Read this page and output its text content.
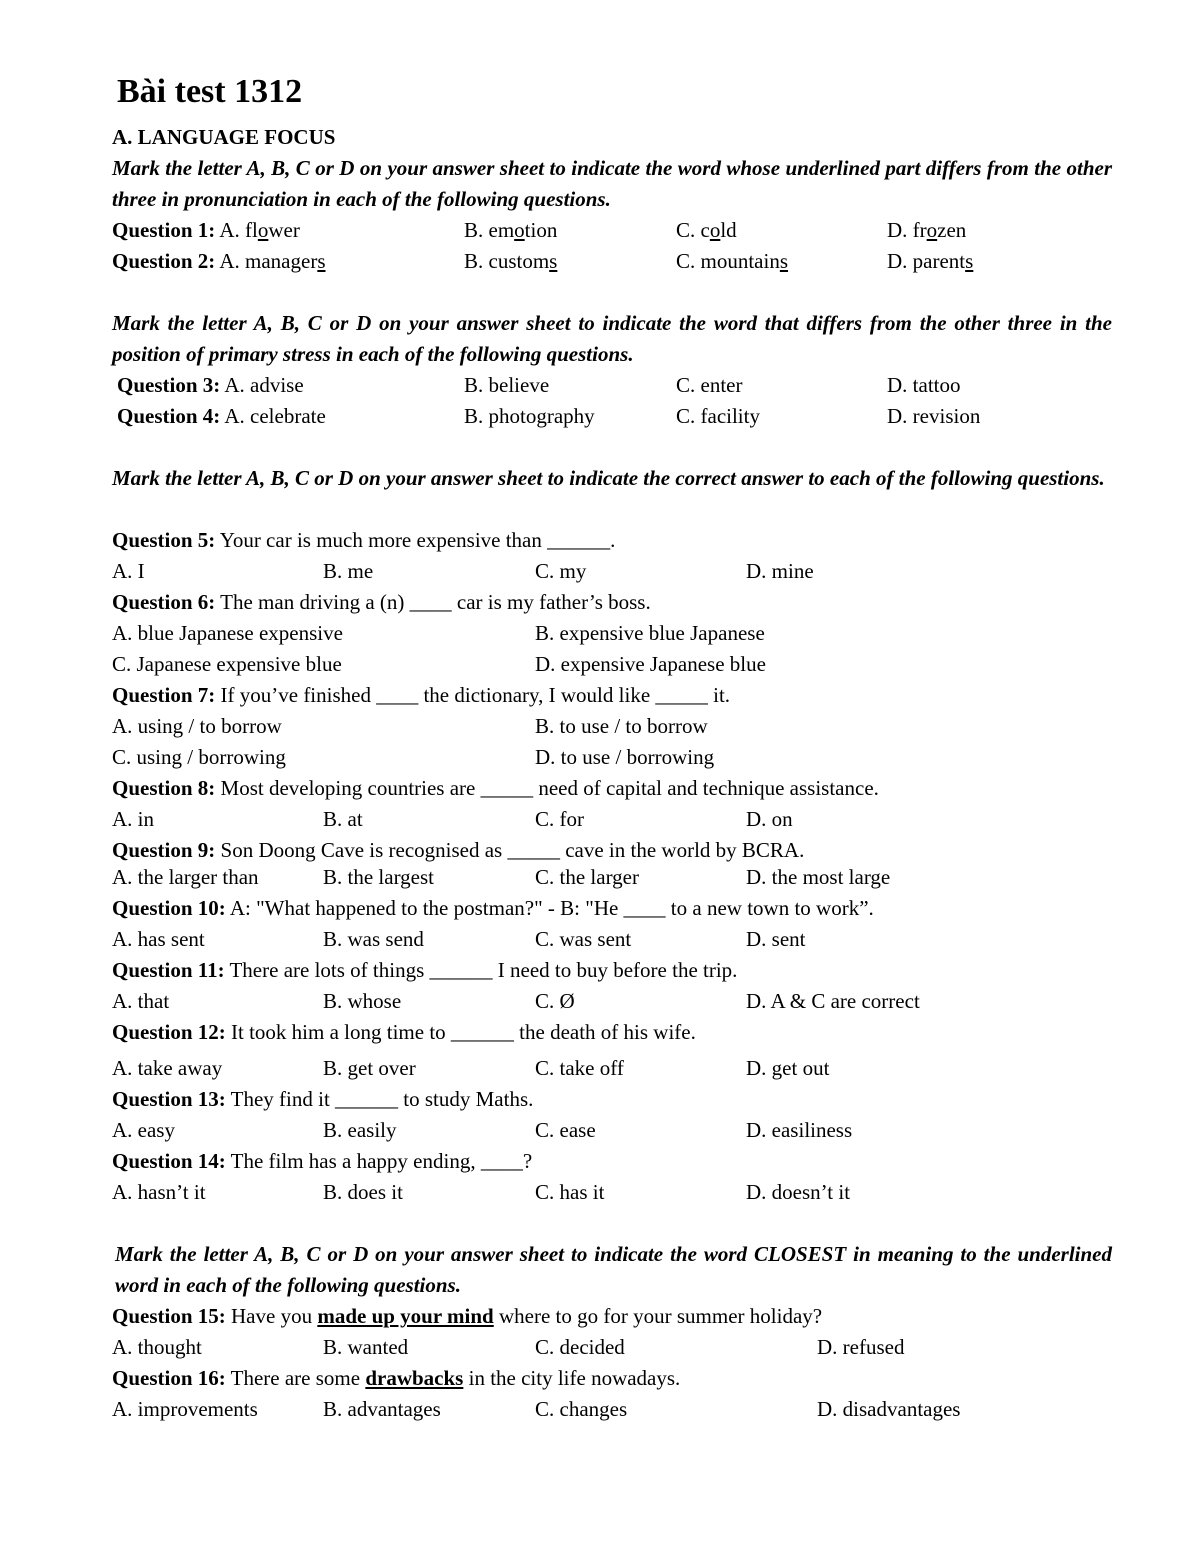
Bài test 1312
A. LANGUAGE FOCUS
Mark the letter A, B, C or D on your answer sheet to indicate the word whose underlined part differs from the other three in pronunciation in each of the following questions.
Question 1: A. flower	B. emotion	C. cold	D. frozen
Question 2: A. managers	B. customs	C. mountains	D. parents
Mark the letter A, B, C or D on your answer sheet to indicate the word that differs from the other three in the position of primary stress in each of the following questions.
Question 3: A. advise	B. believe	C. enter	D. tattoo
Question 4: A. celebrate	B. photography	C. facility	D. revision
Mark the letter A, B, C or D on your answer sheet to indicate the correct answer to each of the following questions.
Question 5: Your car is much more expensive than ______.
A. I	B. me	C. my	D. mine
Question 6: The man driving a (n) ____ car is my father’s boss.
A. blue Japanese expensive	B. expensive blue Japanese
C. Japanese expensive blue	D. expensive Japanese blue
Question 7: If you’ve finished ____ the dictionary, I would like _____ it.
A. using / to borrow	B. to use / to borrow
C. using / borrowing	D. to use / borrowing
Question 8: Most developing countries are _____ need of capital and technique assistance.
A. in	B. at	C. for	D. on
Question 9: Son Doong Cave is recognised as _____ cave in the world by BCRA.
A. the larger than	B. the largest	C. the larger	D. the most large
Question 10: A: "What happened to the postman?" - B: "He ____ to a new town to work”.
A. has sent	B. was send	C. was sent	D. sent
Question 11: There are lots of things ______ I need to buy before the trip.
A. that	B. whose	C. Ø	D. A & C are correct
Question 12: It took him a long time to ______ the death of his wife.
A. take away	B. get over	C. take off	D. get out
Question 13: They find it ______ to study Maths.
A. easy	B. easily	C. ease	D. easiliness
Question 14: The film has a happy ending, ____?
A. hasn’t it	B. does it	C. has it	D. doesn’t it
Mark the letter A, B, C or D on your answer sheet to indicate the word CLOSEST in meaning to the underlined word in each of the following questions.
Question 15: Have you made up your mind where to go for your summer holiday?
A. thought	B. wanted	C. decided	D. refused
Question 16: There are some drawbacks in the city life nowadays.
A. improvements	B. advantages	C. changes	D. disadvantages
